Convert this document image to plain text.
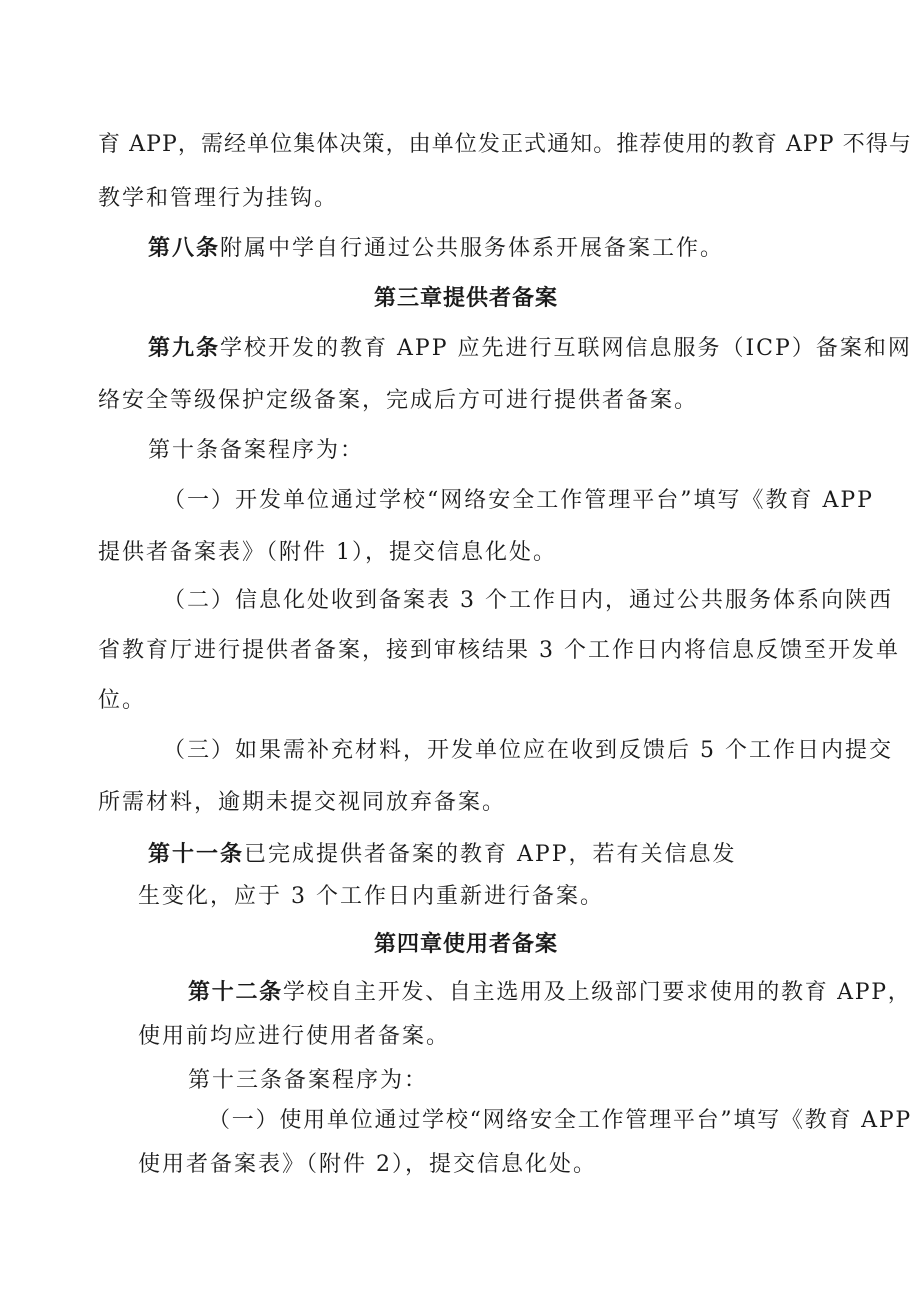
育 APP，需经单位集体决策，由单位发正式通知。推荐使用的教育 APP 不得与
教学和管理行为挂钩。
第八条附属中学自行通过公共服务体系开展备案工作。
第三章提供者备案
第九条学校开发的教育 APP 应先进行互联网信息服务（ICP）备案和网
络安全等级保护定级备案，完成后方可进行提供者备案。
第十条备案程序为：
（一）开发单位通过学校“网络安全工作管理平台”填写《教育 APP
提供者备案表》（附件 1），提交信息化处。
（二）信息化处收到备案表 3 个工作日内，通过公共服务体系向陕西
省教育厅进行提供者备案，接到审核结果 3 个工作日内将信息反馈至开发单
位。
（三）如果需补充材料，开发单位应在收到反馈后 5 个工作日内提交
所需材料，逾期未提交视同放弃备案。
第十一条已完成提供者备案的教育 APP，若有关信息发
生变化，应于 3 个工作日内重新进行备案。
第四章使用者备案
第十二条学校自主开发、自主选用及上级部门要求使用的教育 APP，
使用前均应进行使用者备案。
第十三条备案程序为：
（一）使用单位通过学校“网络安全工作管理平台”填写《教育 APP
使用者备案表》（附件 2），提交信息化处。
